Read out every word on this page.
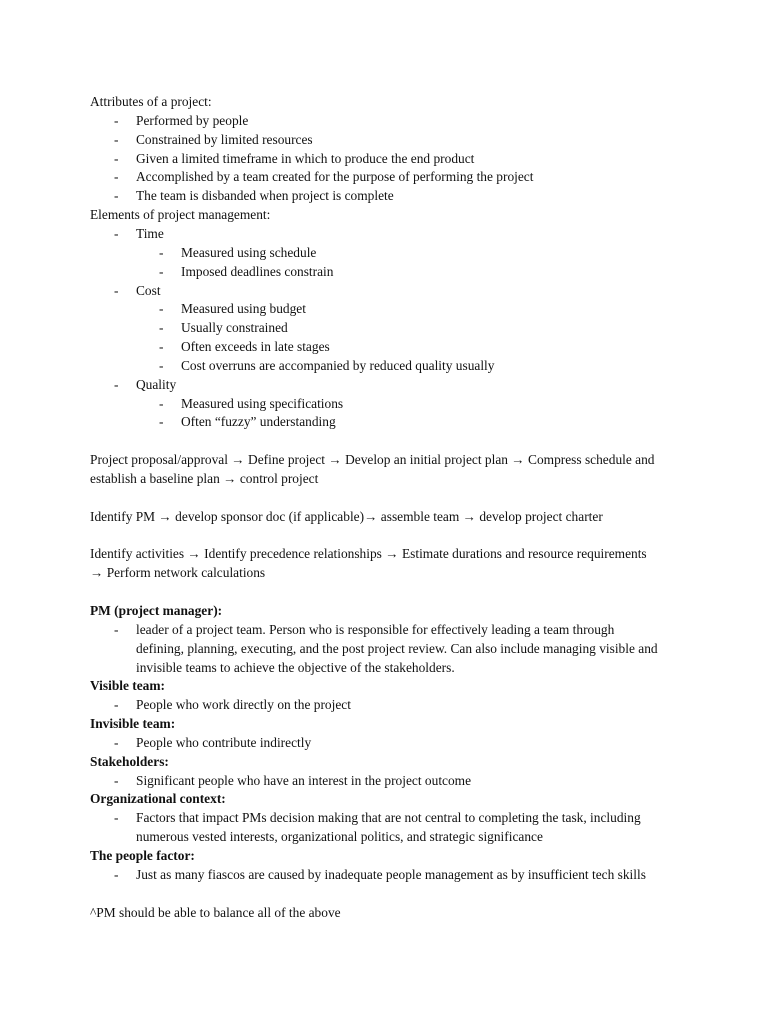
Attributes of a project:
- Performed by people
- Constrained by limited resources
- Given a limited timeframe in which to produce the end product
- Accomplished by a team created for the purpose of performing the project
- The team is disbanded when project is complete
Elements of project management:
- Time
- Measured using schedule
- Imposed deadlines constrain
- Cost
- Measured using budget
- Usually constrained
- Often exceeds in late stages
- Cost overruns are accompanied by reduced quality usually
- Quality
- Measured using specifications
- Often “fuzzy” understanding
Project proposal/approval → Define project → Develop an initial project plan → Compress schedule and
establish a baseline plan → control project
Identify PM → develop sponsor doc (if applicable)→ assemble team → develop project charter
Identify activities → Identify precedence relationships → Estimate durations and resource requirements
→ Perform network calculations
PM (project manager):
- leader of a project team. Person who is responsible for effectively leading a team through
defining, planning, executing, and the post project review. Can also include managing visible and
invisible teams to achieve the objective of the stakeholders.
Visible team:
- People who work directly on the project
Invisible team:
- People who contribute indirectly
Stakeholders:
- Significant people who have an interest in the project outcome
Organizational context:
- Factors that impact PMs decision making that are not central to completing the task, including
numerous vested interests, organizational politics, and strategic significance
The people factor:
- Just as many fiascos are caused by inadequate people management as by insufficient tech skills
^PM should be able to balance all of the above
